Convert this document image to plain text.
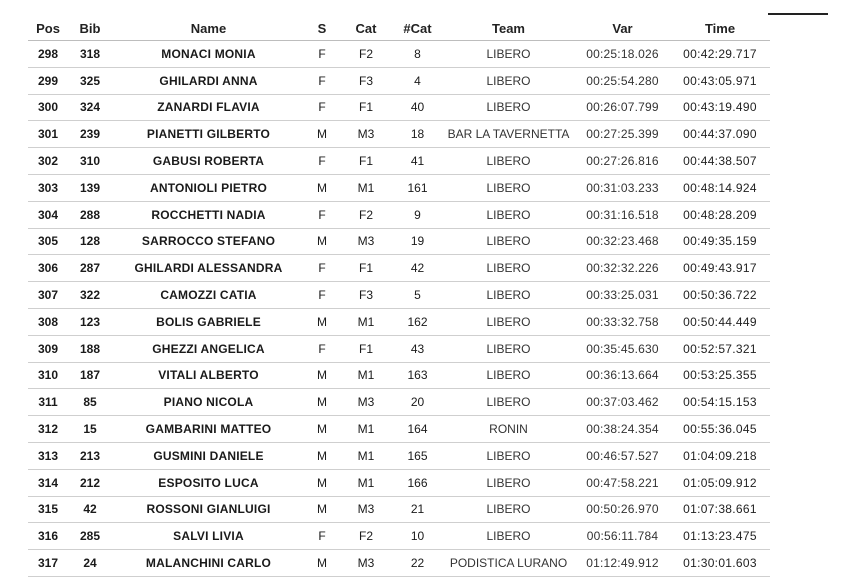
Pos	Bib	Name	S	Cat	#Cat	Team	Var	Time
298	318	MONACI MONIA	F	F2	8	LIBERO	00:25:18.026	00:42:29.717
299	325	GHILARDI ANNA	F	F3	4	LIBERO	00:25:54.280	00:43:05.971
300	324	ZANARDI FLAVIA	F	F1	40	LIBERO	00:26:07.799	00:43:19.490
301	239	PIANETTI GILBERTO	M	M3	18	BAR LA TAVERNETTA	00:27:25.399	00:44:37.090
302	310	GABUSI ROBERTA	F	F1	41	LIBERO	00:27:26.816	00:44:38.507
303	139	ANTONIOLI PIETRO	M	M1	161	LIBERO	00:31:03.233	00:48:14.924
304	288	ROCCHETTI NADIA	F	F2	9	LIBERO	00:31:16.518	00:48:28.209
305	128	SARROCCO STEFANO	M	M3	19	LIBERO	00:32:23.468	00:49:35.159
306	287	GHILARDI ALESSANDRA	F	F1	42	LIBERO	00:32:32.226	00:49:43.917
307	322	CAMOZZI CATIA	F	F3	5	LIBERO	00:33:25.031	00:50:36.722
308	123	BOLIS GABRIELE	M	M1	162	LIBERO	00:33:32.758	00:50:44.449
309	188	GHEZZI ANGELICA	F	F1	43	LIBERO	00:35:45.630	00:52:57.321
310	187	VITALI ALBERTO	M	M1	163	LIBERO	00:36:13.664	00:53:25.355
311	85	PIANO NICOLA	M	M3	20	LIBERO	00:37:03.462	00:54:15.153
312	15	GAMBARINI MATTEO	M	M1	164	RONIN	00:38:24.354	00:55:36.045
313	213	GUSMINI DANIELE	M	M1	165	LIBERO	00:46:57.527	01:04:09.218
314	212	ESPOSITO LUCA	M	M1	166	LIBERO	00:47:58.221	01:05:09.912
315	42	ROSSONI GIANLUIGI	M	M3	21	LIBERO	00:50:26.970	01:07:38.661
316	285	SALVI LIVIA	F	F2	10	LIBERO	00:56:11.784	01:13:23.475
317	24	MALANCHINI CARLO	M	M3	22	PODISTICA LURANO	01:12:49.912	01:30:01.603
